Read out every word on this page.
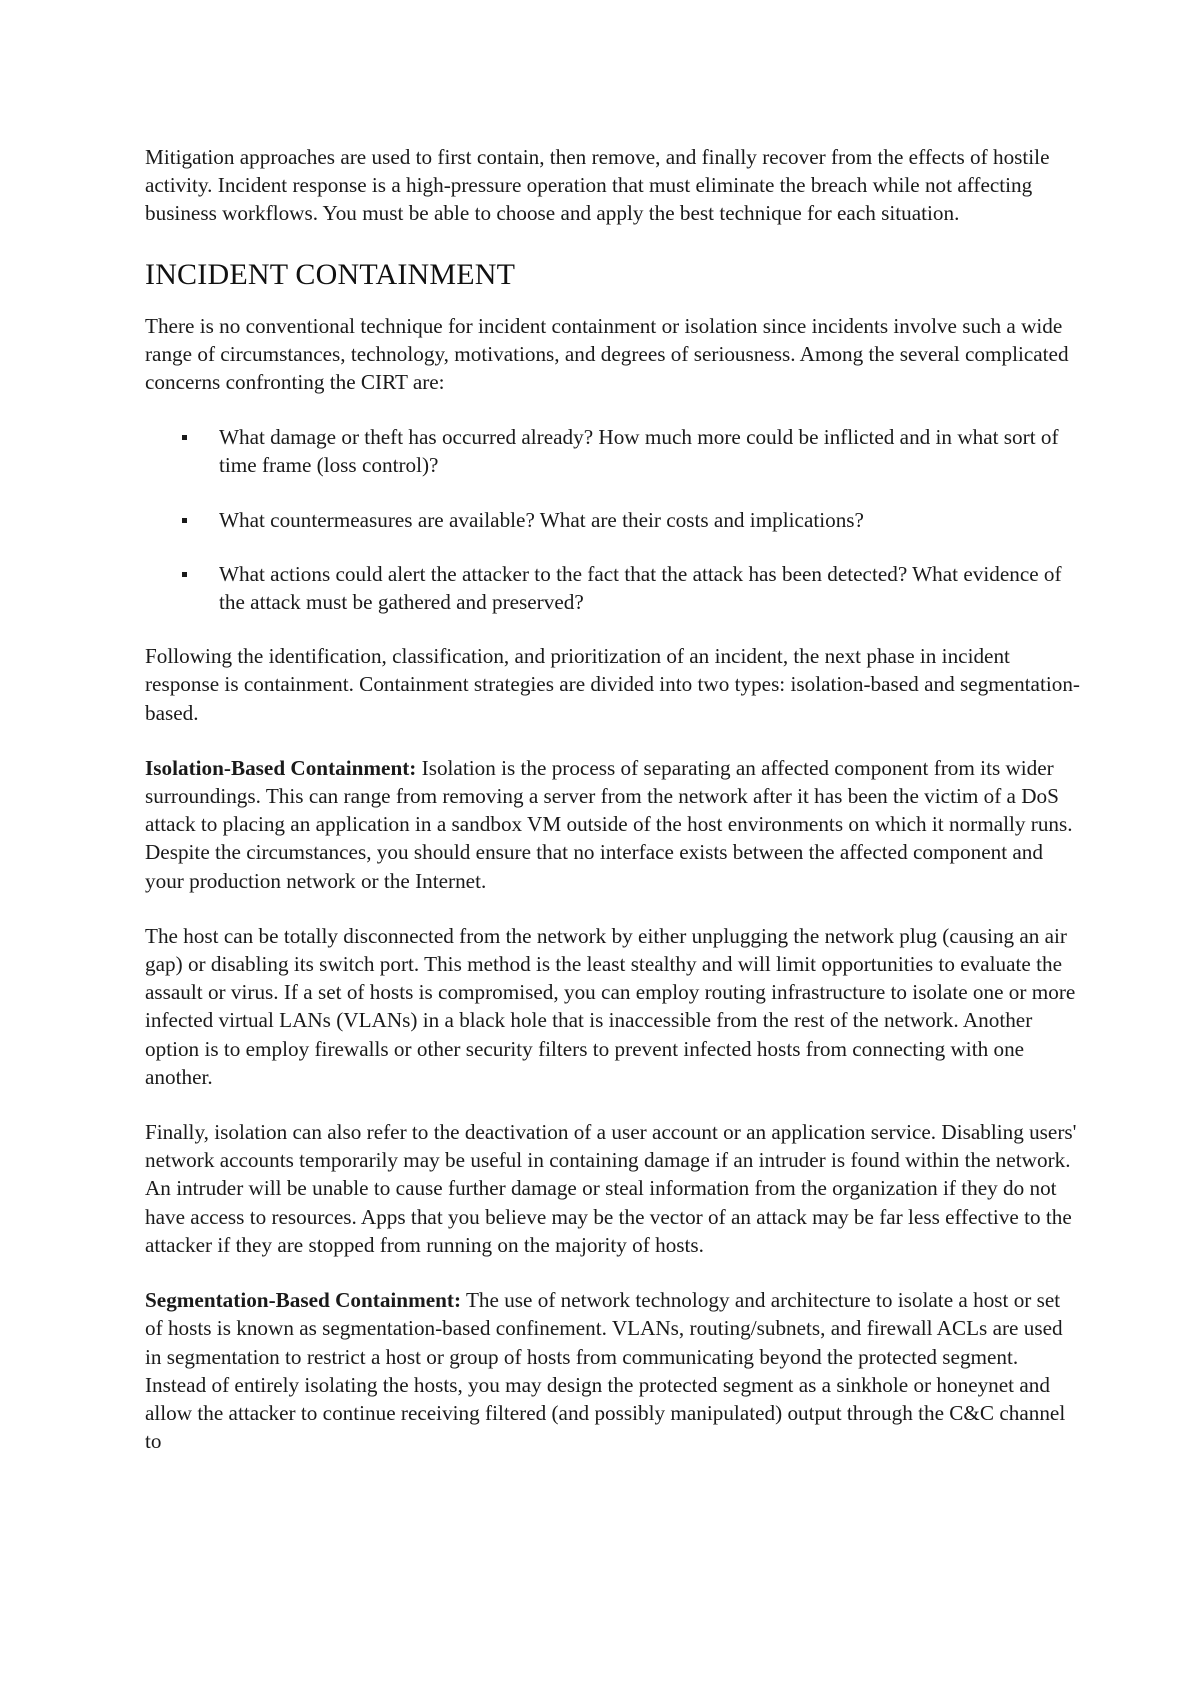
Mitigation approaches are used to first contain, then remove, and finally recover from the effects of hostile activity. Incident response is a high-pressure operation that must eliminate the breach while not affecting business workflows. You must be able to choose and apply the best technique for each situation.

INCIDENT CONTAINMENT

There is no conventional technique for incident containment or isolation since incidents involve such a wide range of circumstances, technology, motivations, and degrees of seriousness. Among the several complicated concerns confronting the CIRT are:

What damage or theft has occurred already? How much more could be inflicted and in what sort of time frame (loss control)?
What countermeasures are available? What are their costs and implications?
What actions could alert the attacker to the fact that the attack has been detected? What evidence of the attack must be gathered and preserved?

Following the identification, classification, and prioritization of an incident, the next phase in incident response is containment. Containment strategies are divided into two types: isolation-based and segmentation-based.

Isolation-Based Containment: Isolation is the process of separating an affected component from its wider surroundings. This can range from removing a server from the network after it has been the victim of a DoS attack to placing an application in a sandbox VM outside of the host environments on which it normally runs. Despite the circumstances, you should ensure that no interface exists between the affected component and your production network or the Internet.

The host can be totally disconnected from the network by either unplugging the network plug (causing an air gap) or disabling its switch port. This method is the least stealthy and will limit opportunities to evaluate the assault or virus. If a set of hosts is compromised, you can employ routing infrastructure to isolate one or more infected virtual LANs (VLANs) in a black hole that is inaccessible from the rest of the network. Another option is to employ firewalls or other security filters to prevent infected hosts from connecting with one another.

Finally, isolation can also refer to the deactivation of a user account or an application service. Disabling users' network accounts temporarily may be useful in containing damage if an intruder is found within the network. An intruder will be unable to cause further damage or steal information from the organization if they do not have access to resources. Apps that you believe may be the vector of an attack may be far less effective to the attacker if they are stopped from running on the majority of hosts.

Segmentation-Based Containment: The use of network technology and architecture to isolate a host or set of hosts is known as segmentation-based confinement. VLANs, routing/subnets, and firewall ACLs are used in segmentation to restrict a host or group of hosts from communicating beyond the protected segment. Instead of entirely isolating the hosts, you may design the protected segment as a sinkhole or honeynet and allow the attacker to continue receiving filtered (and possibly manipulated) output through the C&C channel to
